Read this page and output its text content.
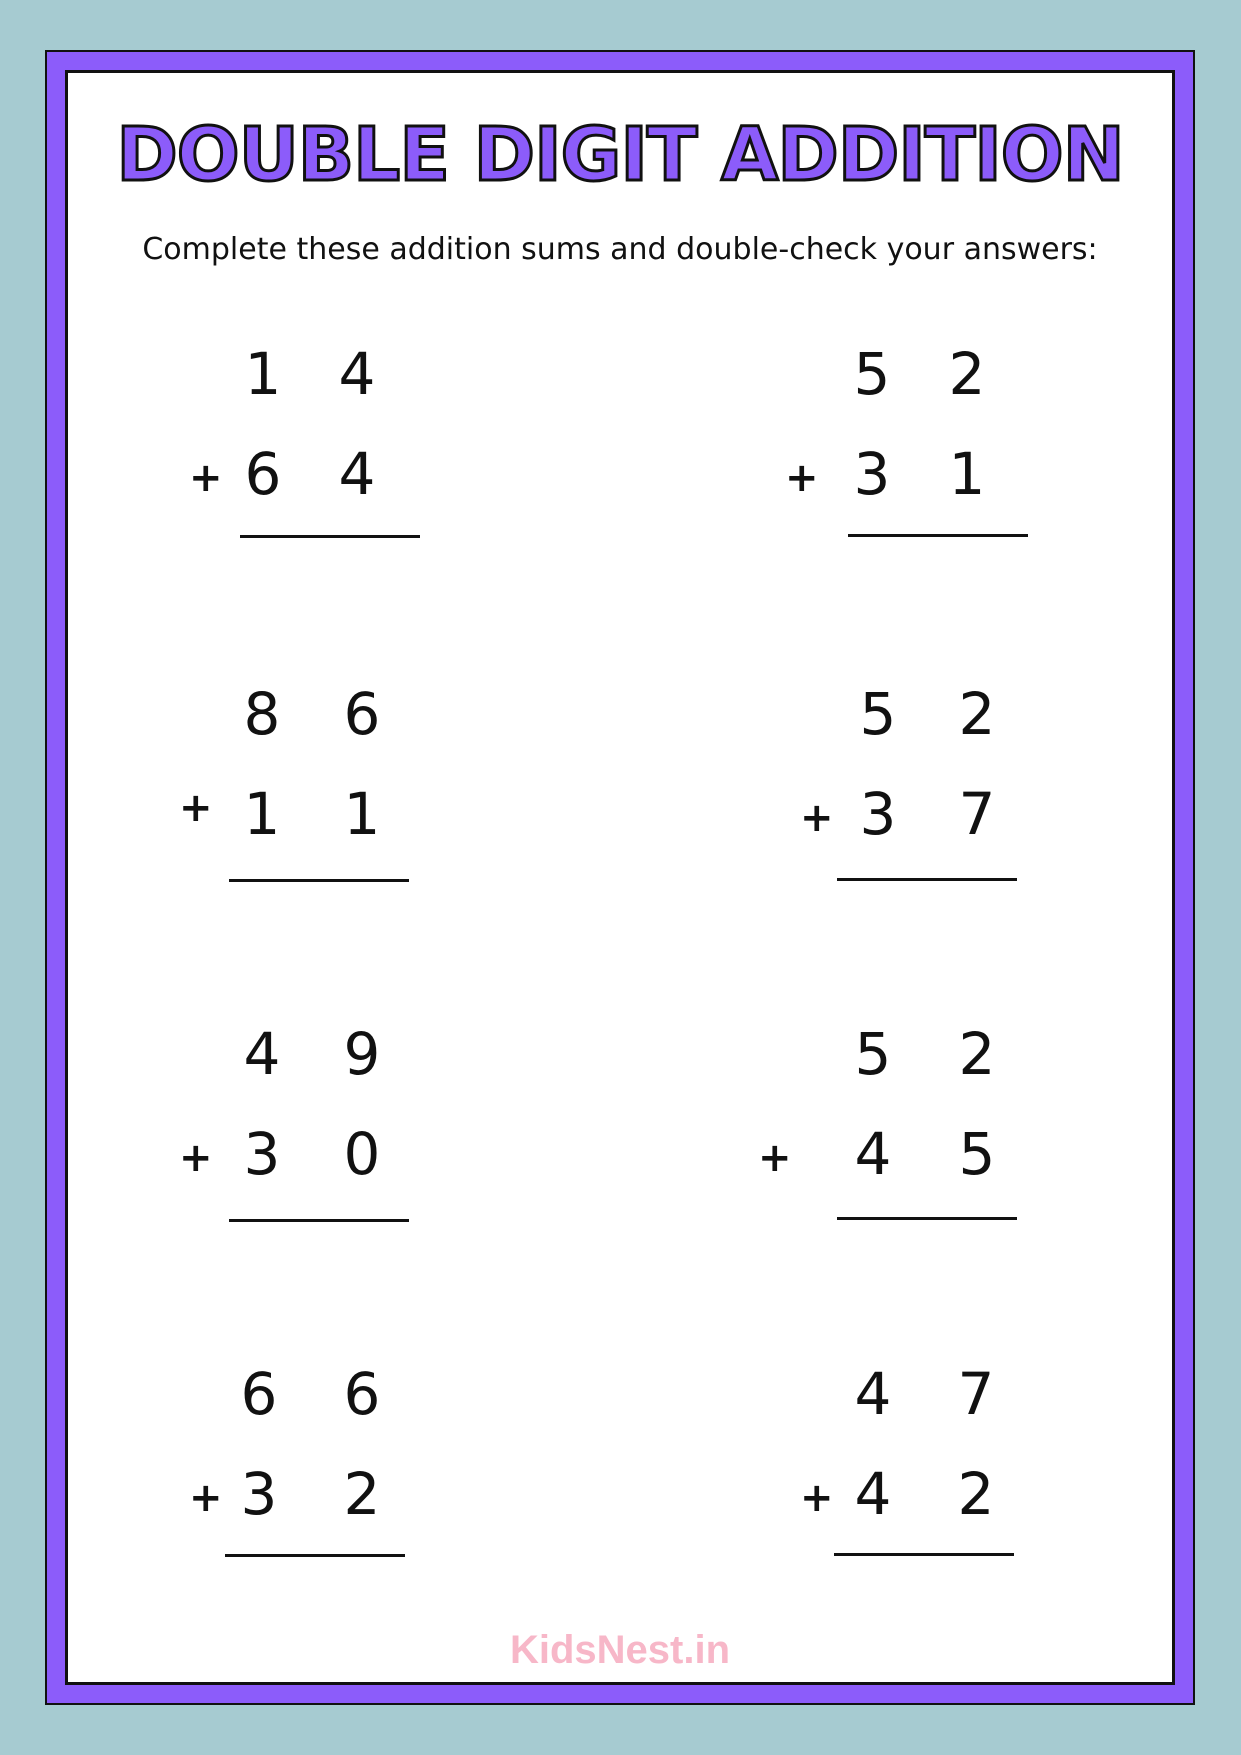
DOUBLE DIGIT ADDITION

Complete these addition sums and double-check your answers:

1 4
+ 6 4
5 2
+ 3 1
8 6
+ 1 1
5 2
+ 3 7
4 9
+ 3 0
5 2
+ 4 5
6 6
+ 3 2
4 7
+ 4 2
KidsNest.in
